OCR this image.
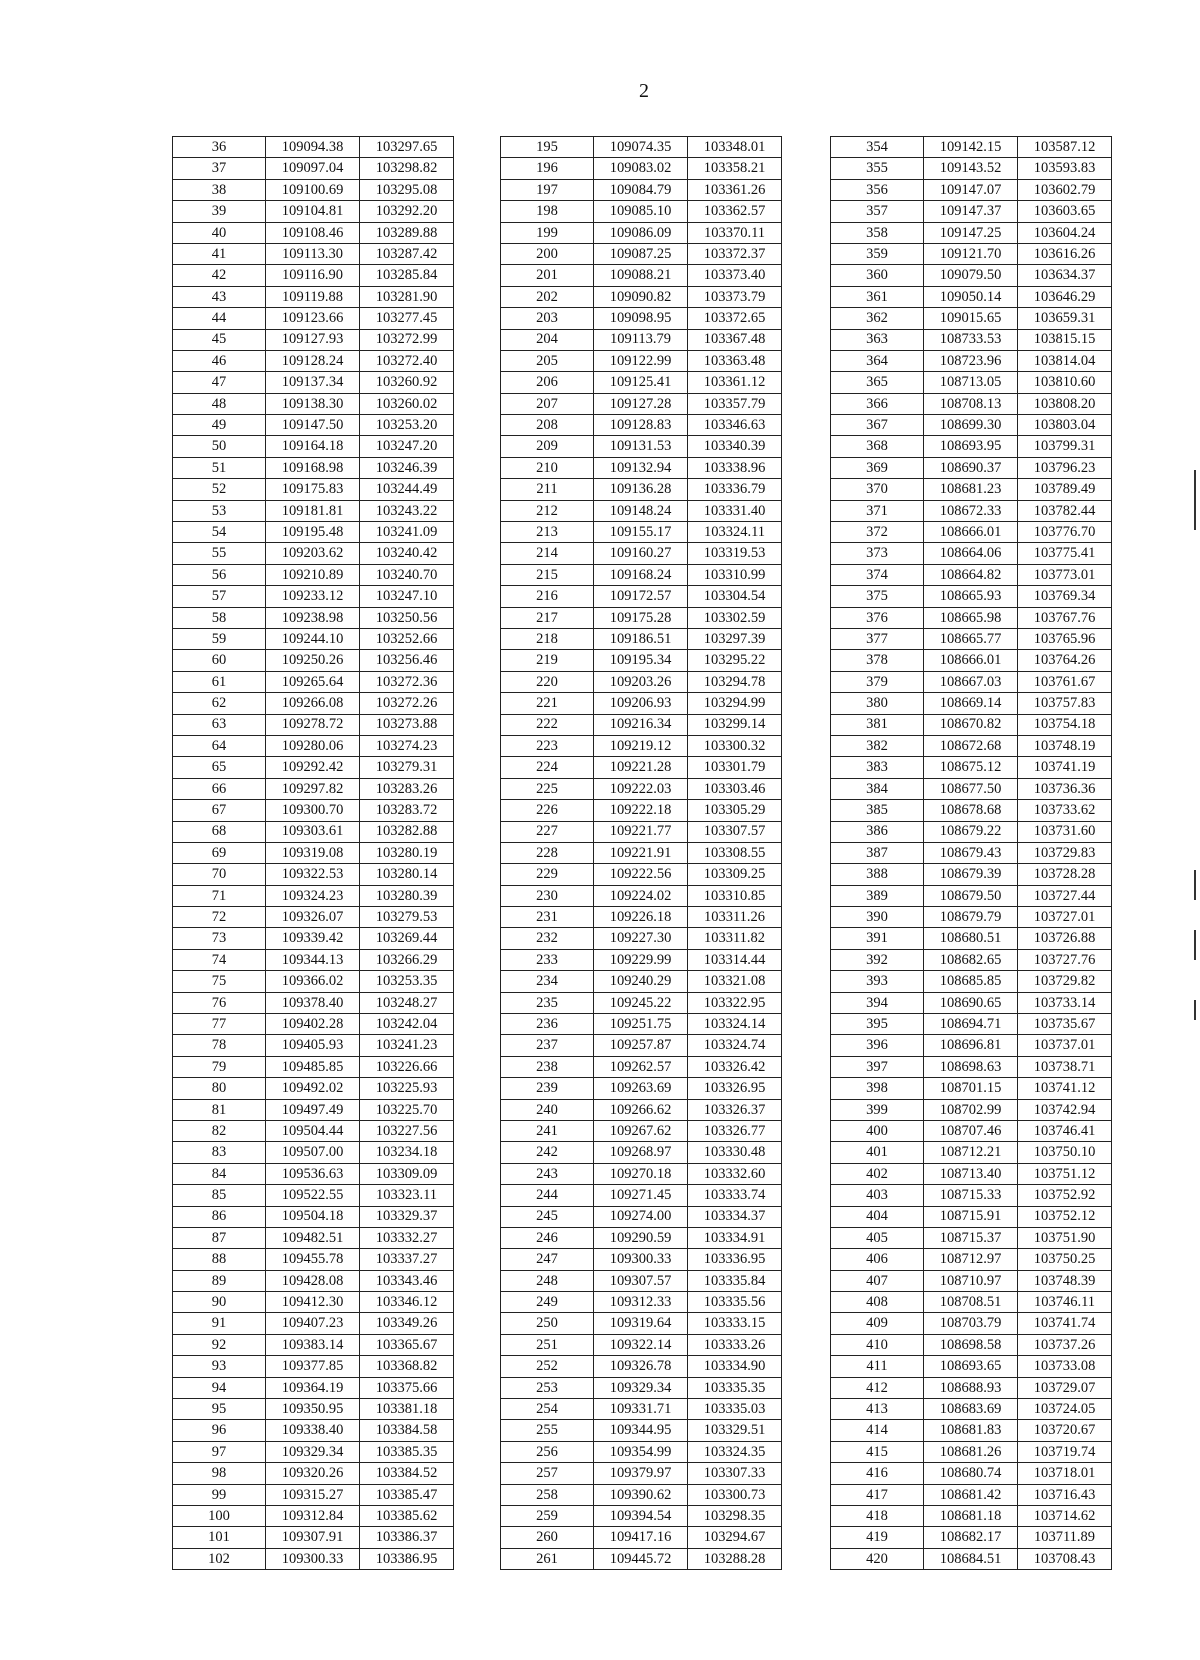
2
36	109094.38	103297.65
37	109097.04	103298.82
38	109100.69	103295.08
39	109104.81	103292.20
40	109108.46	103289.88
41	109113.30	103287.42
42	109116.90	103285.84
43	109119.88	103281.90
44	109123.66	103277.45
45	109127.93	103272.99
46	109128.24	103272.40
47	109137.34	103260.92
48	109138.30	103260.02
49	109147.50	103253.20
50	109164.18	103247.20
51	109168.98	103246.39
52	109175.83	103244.49
53	109181.81	103243.22
54	109195.48	103241.09
55	109203.62	103240.42
56	109210.89	103240.70
57	109233.12	103247.10
58	109238.98	103250.56
59	109244.10	103252.66
60	109250.26	103256.46
61	109265.64	103272.36
62	109266.08	103272.26
63	109278.72	103273.88
64	109280.06	103274.23
65	109292.42	103279.31
66	109297.82	103283.26
67	109300.70	103283.72
68	109303.61	103282.88
69	109319.08	103280.19
70	109322.53	103280.14
71	109324.23	103280.39
72	109326.07	103279.53
73	109339.42	103269.44
74	109344.13	103266.29
75	109366.02	103253.35
76	109378.40	103248.27
77	109402.28	103242.04
78	109405.93	103241.23
79	109485.85	103226.66
80	109492.02	103225.93
81	109497.49	103225.70
82	109504.44	103227.56
83	109507.00	103234.18
84	109536.63	103309.09
85	109522.55	103323.11
86	109504.18	103329.37
87	109482.51	103332.27
88	109455.78	103337.27
89	109428.08	103343.46
90	109412.30	103346.12
91	109407.23	103349.26
92	109383.14	103365.67
93	109377.85	103368.82
94	109364.19	103375.66
95	109350.95	103381.18
96	109338.40	103384.58
97	109329.34	103385.35
98	109320.26	103384.52
99	109315.27	103385.47
100	109312.84	103385.62
101	109307.91	103386.37
102	109300.33	103386.95
195	109074.35	103348.01
196	109083.02	103358.21
197	109084.79	103361.26
198	109085.10	103362.57
199	109086.09	103370.11
200	109087.25	103372.37
201	109088.21	103373.40
202	109090.82	103373.79
203	109098.95	103372.65
204	109113.79	103367.48
205	109122.99	103363.48
206	109125.41	103361.12
207	109127.28	103357.79
208	109128.83	103346.63
209	109131.53	103340.39
210	109132.94	103338.96
211	109136.28	103336.79
212	109148.24	103331.40
213	109155.17	103324.11
214	109160.27	103319.53
215	109168.24	103310.99
216	109172.57	103304.54
217	109175.28	103302.59
218	109186.51	103297.39
219	109195.34	103295.22
220	109203.26	103294.78
221	109206.93	103294.99
222	109216.34	103299.14
223	109219.12	103300.32
224	109221.28	103301.79
225	109222.03	103303.46
226	109222.18	103305.29
227	109221.77	103307.57
228	109221.91	103308.55
229	109222.56	103309.25
230	109224.02	103310.85
231	109226.18	103311.26
232	109227.30	103311.82
233	109229.99	103314.44
234	109240.29	103321.08
235	109245.22	103322.95
236	109251.75	103324.14
237	109257.87	103324.74
238	109262.57	103326.42
239	109263.69	103326.95
240	109266.62	103326.37
241	109267.62	103326.77
242	109268.97	103330.48
243	109270.18	103332.60
244	109271.45	103333.74
245	109274.00	103334.37
246	109290.59	103334.91
247	109300.33	103336.95
248	109307.57	103335.84
249	109312.33	103335.56
250	109319.64	103333.15
251	109322.14	103333.26
252	109326.78	103334.90
253	109329.34	103335.35
254	109331.71	103335.03
255	109344.95	103329.51
256	109354.99	103324.35
257	109379.97	103307.33
258	109390.62	103300.73
259	109394.54	103298.35
260	109417.16	103294.67
261	109445.72	103288.28
354	109142.15	103587.12
355	109143.52	103593.83
356	109147.07	103602.79
357	109147.37	103603.65
358	109147.25	103604.24
359	109121.70	103616.26
360	109079.50	103634.37
361	109050.14	103646.29
362	109015.65	103659.31
363	108733.53	103815.15
364	108723.96	103814.04
365	108713.05	103810.60
366	108708.13	103808.20
367	108699.30	103803.04
368	108693.95	103799.31
369	108690.37	103796.23
370	108681.23	103789.49
371	108672.33	103782.44
372	108666.01	103776.70
373	108664.06	103775.41
374	108664.82	103773.01
375	108665.93	103769.34
376	108665.98	103767.76
377	108665.77	103765.96
378	108666.01	103764.26
379	108667.03	103761.67
380	108669.14	103757.83
381	108670.82	103754.18
382	108672.68	103748.19
383	108675.12	103741.19
384	108677.50	103736.36
385	108678.68	103733.62
386	108679.22	103731.60
387	108679.43	103729.83
388	108679.39	103728.28
389	108679.50	103727.44
390	108679.79	103727.01
391	108680.51	103726.88
392	108682.65	103727.76
393	108685.85	103729.82
394	108690.65	103733.14
395	108694.71	103735.67
396	108696.81	103737.01
397	108698.63	103738.71
398	108701.15	103741.12
399	108702.99	103742.94
400	108707.46	103746.41
401	108712.21	103750.10
402	108713.40	103751.12
403	108715.33	103752.92
404	108715.91	103752.12
405	108715.37	103751.90
406	108712.97	103750.25
407	108710.97	103748.39
408	108708.51	103746.11
409	108703.79	103741.74
410	108698.58	103737.26
411	108693.65	103733.08
412	108688.93	103729.07
413	108683.69	103724.05
414	108681.83	103720.67
415	108681.26	103719.74
416	108680.74	103718.01
417	108681.42	103716.43
418	108681.18	103714.62
419	108682.17	103711.89
420	108684.51	103708.43
